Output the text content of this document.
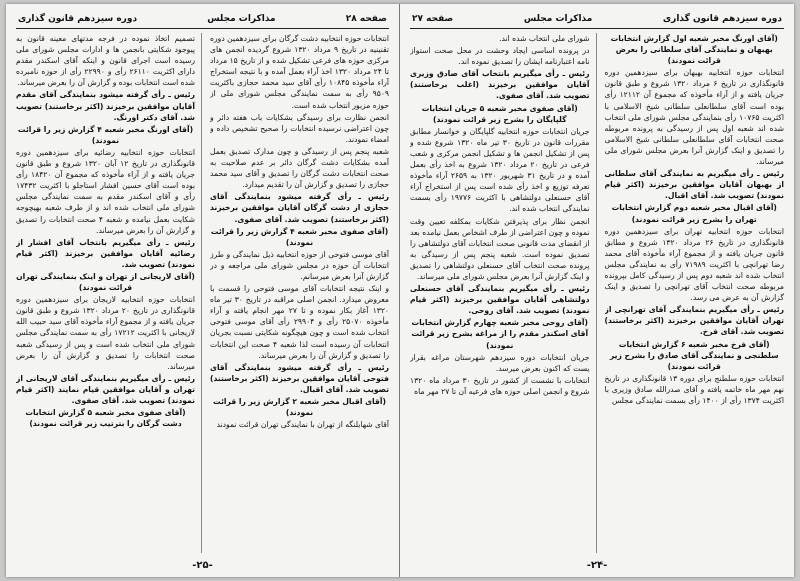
صفحه ۲۸
مذاکرات مجلس
دوره سیزدهم قانون گذاری

انتخابات حوزه انتخابیه دشت گرگان برای سیزدهمین دوره تقنینیه در تاریخ ۹ مرداد ۱۳۲۰ شروع گردیده انجمن های مرکزی حوزه های فرعی تشکیل شده و از تاریخ ۱۵ مرداد تا ۲۴ مرداد ۱۳۲۰ اخذ آراء بعمل آمده و با نتیجه استخراج آراء مأخوذه ۱۰۸۴۵ رأی آقای سید محمد حجازی باکثریت ۹۵۰۹ رأی به سمت نمایندگی مجلس شورای ملی از حوزه مزبور انتخاب شده است.

انجمن نظارت برای رسیدگی بشکایات باب هفته دائر و چون اعتراضی نرسیده انتخابات را صحیح تشخیص داده و امضاء نمودند.

شعبه پنجم پس از رسیدگی و چون مدارک تصدیق بعمل آمده بشکایات دشت گرگان دائر بر عدم صلاحیت به صحت انتخابات دشت گرگان را تصدیق و آقای سید محمد حجازی را تصدیق و گزارش آن را تقدیم میدارد.

رئیس ـ رأی گرفته میشود بنمایندگی آقای حجازی از دشت گرگان آقایان موافقین برخیزند (اکثر برخاستند) تصویب شد. آقای صفوی.

(آقای صفوی مخبر شعبه ۴ گزارش زیر را قرائت نمودند)

آقای موسی فتوحی از حوزه انتخابیه ذیل نمایندگی و طرز انتخابات آن حوزه در مجلس شورای ملی مراجعه و در گزارش آنرا بعرض میرسانم.

و اینک نتیجه انتخابات آقای موسی فتوحی را قسمت با معروض میدارد. انجمن اصلی مراقبه در تاریخ ۳۰ تیر ماه ۱۳۲۰ آغاز بکار نموده و تا ۲۷ مهر انجام یافته و آراء مأخوذه ۲۵۰۷۰ رأی و ۲۹۹۰۴ رأی آقای موسی فتوحی انتخاب شده است و چون هیچگونه شکایتی نسبت بجریان انتخابات آن رسیده است لذا شعبه ۴ صحت این انتخابات را تصدیق و گزارش آن را بعرض میرساند.

رئیس ـ رأی گرفته میشود بنمایندگی آقای فتوحی آقایان موافقین برخیزند (اکثر برخاستند) تصویب شد. آقای اقبال.

(آقای اقبال مخبر شعبه ۲ گزارش زیر را قرائت نمودند)

آقای شهابلنگه از تهران با نمایندگی تهران قرائت نمودند

تصمیم اتخاذ نموده در فرجه مدتهای معینه قانون به پیوجود شکایتی بانجمن ها و ادارات مجلس شورای ملی رسیده است اجرای قانون و اینکه آقای اسکندر مقدم دارای اکثریت ۲۶۱۱۰ رأی و ۲۲۹۹۰ رأی از حوزه نامبرده شده است انتخابات بوده و گزارش آن را بعرض میرساند.

رئیس ـ رأی گرفته میشود بنمایندگی آقای مقدم آقایان موافقین برخیزند (اکثر برخاستند) تصویب شد. آقای دکتر اورنگ.

(آقای اورنگ مخبر شعبه ۴ گزارش زیر را قرائت نمودند)

انتخابات حوزه انتخابیه رضائیه برای سیزدهمین دوره قانونگذاری در تاریخ ۱۲ آبان ۱۳۲۰ شروع و طبق قانون جریان یافته و از آراء مأخوذه که مجموع آن ۱۸۴۲۰ رأی بوده است آقای حسین افشار استاجلو با اکثریت ۱۷۴۳۲ رأی و آقای اسکندر مقدم به سمت نمایندگی مجلس شورای ملی انتخاب شده اند و از طرف شعبه بهیچوجه شکایت بعمل نیامده و شعبه ۴ صحت انتخابات را تصدیق و گزارش آن را بعرض میرساند.

رئیس ـ رأی میگیریم بانتخاب آقای افشار از رضائیه آقایان موافقین برخیزند (اکثر قیام نمودند) تصویب شد.

(آقای لاریجانی از تهران و اینک بنمایندگی تهران قرائت نمودند)

انتخابات حوزه انتخابیه لاریجان برای سیزدهمین دوره قانونگذاری در تاریخ ۲۰ مرداد ۱۳۲۰ شروع و طبق قانون جریان یافته و از مجموع آراء مأخوذه آقای سید حبیب الله لاریجانی با اکثریت ۱۷۲۱۲ رأی به سمت نمایندگی مجلس شورای ملی انتخاب شده است و پس از رسیدگی شعبه صحت انتخابات را تصدیق و گزارش آن را بعرض میرساند.

رئیس ـ رأی میگیریم بنمایندگی آقای لاریجانی از تهران و آقایان موافقین قیام نمایند (اکثر قیام نمودند) تصویب شد. آقای صفوی.

(آقای صفوی مخبر شعبه ۵ گزارش انتخابات دشت گرگان را بترتیب زیر قرائت نمودند)

-۲۵-
دوره سیزدهم قانون گذاری
مذاکرات مجلس
صفحه ۲۷

(آقای اورنگ مخبر شعبه اول گزارش انتخابات بهبهان و نمایندگی آقای سلطانی را بعرض قرائت نمودند)

انتخابات حوزه انتخابیه بهبهان برای سیزدهمین دوره قانونگذاری در تاریخ ۶ مرداد ۱۳۲۰ شروع و طبق قانون جریان یافته و از آراء مأخوذه که مجموع آن ۱۲۱۱۲ رأی بوده است آقای سلطانعلی سلطانی شیخ الاسلامی با اکثریت ۱۰۷۶۵ رأی بنمایندگی مجلس شورای ملی انتخاب شده اند شعبه اول پس از رسیدگی به پرونده مربوطه صحت انتخابات آقای سلطانعلی سلطانی شیخ الاسلامی را تصدیق و اینک گزارش آنرا بعرض مجلس شورای ملی میرساند.

رئیس ـ رأی میگیریم به نمایندگی آقای سلطانی از بهبهان آقایان موافقین برخیزند (اکثر قیام نمودند) تصویب شد. آقای اقبال.

(آقای اقبال مخبر شعبه دوم گزارش انتخابات تهران را بشرح زیر قرائت نمودند)

انتخابات حوزه انتخابیه تهران برای سیزدهمین دوره قانونگذاری در تاریخ ۲۶ مرداد ۱۳۲۰ شروع و مطابق قانون جریان یافته و از مجموع آراء مأخوذه آقای محمد رضا تهرانچی با اکثریت ۷۱۹۸۹ رأی به نمایندگی مجلس انتخاب شده اند شعبه دوم پس از رسیدگی کامل بپرونده مربوطه صحت انتخاب آقای تهرانچی را تصدیق و اینک گزارش آن به عرض می رسد.

رئیس ـ رأی میگیریم بنمایندگی آقای تهرانچی از تهران آقایان موافقین برخیزند (اکثر برخاستند) تصویب شد. آقای فرخ.

(آقای فرخ مخبر شعبه ۶ گزارش انتخابات سلطنجی و نمایندگی آقای صادق را بشرح زیر قرائت نمودند)

انتخابات حوزه سلطنج برای دوره ۱۳ قانونگذاری در تاریخ نهم مهر ماه خاتمه یافته و آقای صدرالله صادق وزیری با اکثریت ۱۳۷۴ رأی از ۱۴۰۰ رأی بسمت نمایندگی مجلس

شورای ملی انتخاب شده اند.

در پرونده اساسی ایجاد وحشت در محل صحت استواز نامه اعتبارنامه ایشان را تصدیق نموده اند.

رئیس ـ رأی میگیریم بانتخاب آقای صادق وزیری آقایان موافقین برخیزند (اغلب برخاستند) تصویب شد. آقای صفوی.

(آقای صفوی مخبر شعبه ۵ جریان انتخابات گلپایگان را بشرح زیر قرائت نمودند)

جریان انتخابات حوزه انتخابیه گلپایگان و خوانسار مطابق مقررات قانون در تاریخ ۳۰ تیر ماه ۱۳۲۰ شروع شده و پس از تشکیل انجمن ها و تشکیل انجمن مرکزی و شعب فرعی در تاریخ ۲۰ مرداد ۱۳۲۰ شروع به اخذ رأی بعمل آمده و در تاریخ ۳۱ شهریور ۱۳۲۰ به ۲۶۵۹ آراء مأخوذه تعرفه توزیع و اخذ رأی شده است پس از استخراج آراء آقای حسنعلی دولتشاهی با اکثریت ۱۹۷۷۶ رأی بسمت نمایندگی انتخاب شده اند.

انجمن نظار برای پذیرفتن شکایات بمکلفه تعیین وقت نموده و چون اعتراضی از طرف اشخاص بعمل نیامده بعد از انقضای مدت قانونی صحت انتخابات آقای دولتشاهی را تصدیق نموده است. شعبه پنجم پس از رسیدگی به پرونده صحت انتخاب آقای حسنعلی دولتشاهی را تصدیق و اینک گزارش آنرا بعرض مجلس شورای ملی میرساند.

رئیس ـ رأی میگیریم بنمایندگی آقای حسنعلی دولتشاهی آقایان موافقین برخیزند (اکثر قیام نمودند) تصویب شد. آقای روحی.

(آقای روحی مخبر شعبه چهارم گزارش انتخابات آقای اسکندر مقدم را از مراغه بشرح زیر قرائت نمودند)

جریان انتخابات دوره سیزدهم شهرستان مراغه بقرار یست که اکنون بعرض میرسد.

انتخابات با نشست از کشور در تاریخ ۳۰ مرداد ماه ۱۳۲۰ شروع و انجمن اصلی حوزه های فرعیه آن تا ۲۷ مهر ماه

-۲۴-
